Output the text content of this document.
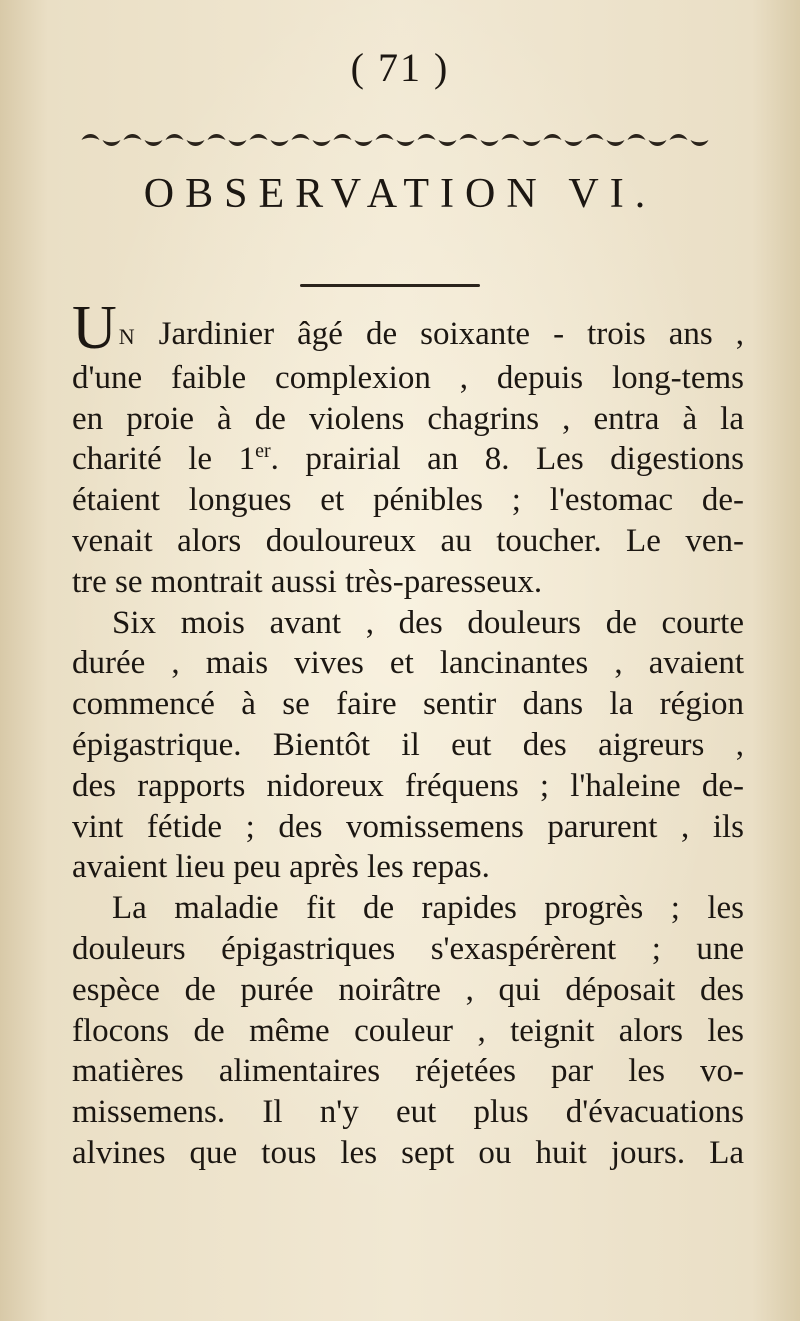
( 71 )
OBSERVATION VI.
UN Jardinier âgé de soixante - trois ans ,
d'une faible complexion , depuis long-tems
en proie à de violens chagrins , entra à la
charité le 1er. prairial an 8. Les digestions
étaient longues et pénibles ; l'estomac de-
venait alors douloureux au toucher. Le ven-
tre se montrait aussi très-paresseux.
Six mois avant , des douleurs de courte
durée , mais vives et lancinantes , avaient
commencé à se faire sentir dans la région
épigastrique. Bientôt il eut des aigreurs ,
des rapports nidoreux fréquens ; l'haleine de-
vint fétide ; des vomissemens parurent , ils
avaient lieu peu après les repas.
La maladie fit de rapides progrès ; les
douleurs épigastriques s'exaspérèrent ; une
espèce de purée noirâtre , qui déposait des
flocons de même couleur , teignit alors les
matières alimentaires réjetées par les vo-
missemens. Il n'y eut plus d'évacuations
alvines que tous les sept ou huit jours. La
